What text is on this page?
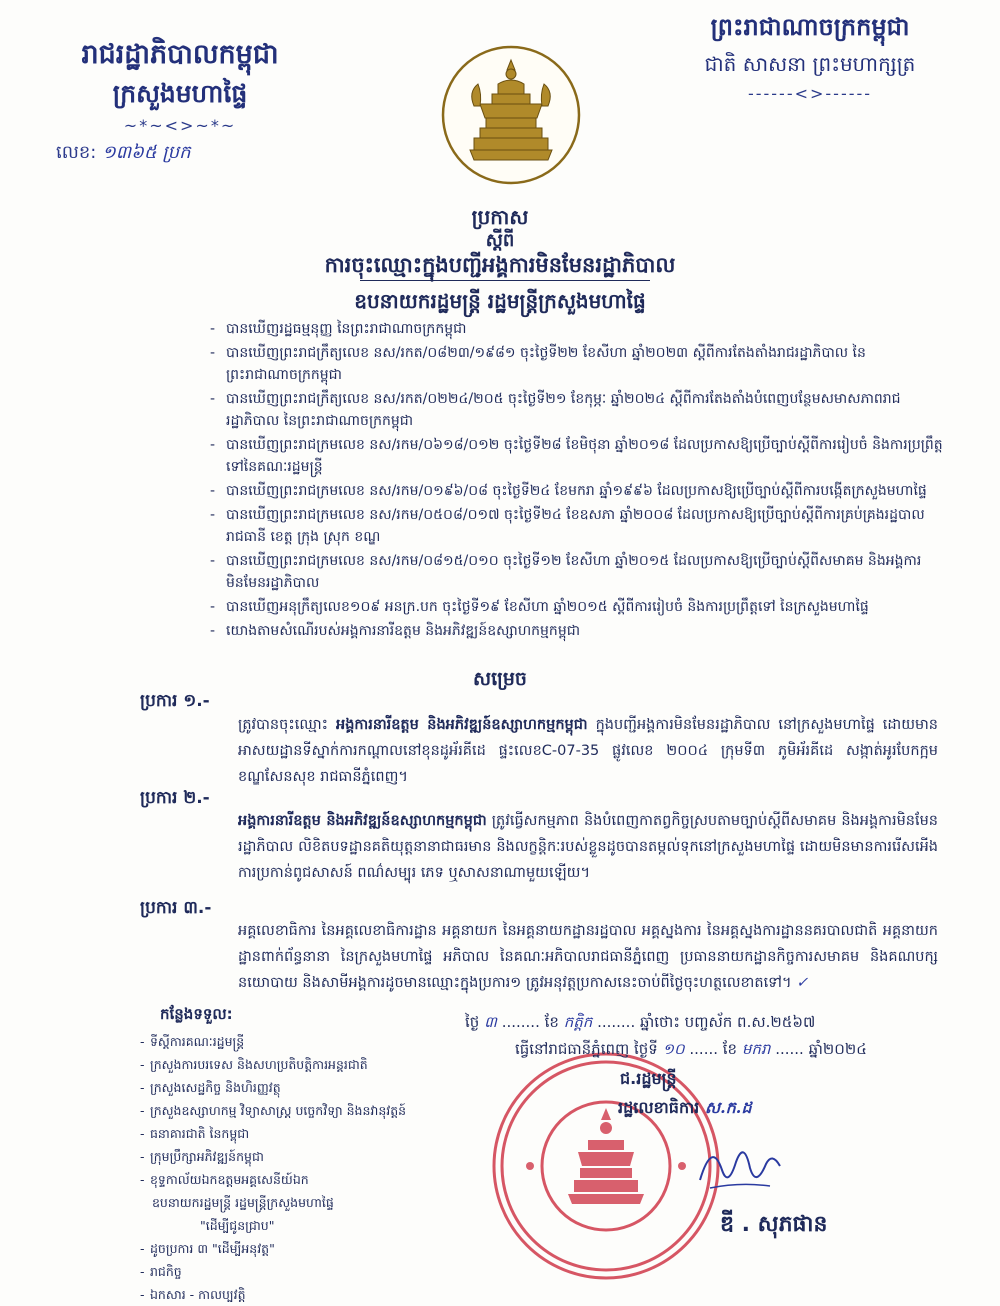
រាជរដ្ឋាភិបាលកម្ពុជា
ក្រសួងមហាផ្ទៃ
~*~<>~*~
លេខ: ១៣៦៥ ប្រក
ព្រះរាជាណាចក្រកម្ពុជា
ជាតិ សាសនា ព្រះមហាក្សត្រ
------<>------
ប្រកាស
ស្តីពី
ការចុះឈ្មោះក្នុងបញ្ជីអង្គការមិនមែនរដ្ឋាភិបាល
ឧបនាយករដ្ឋមន្ត្រី រដ្ឋមន្ត្រីក្រសួងមហាផ្ទៃ
- បានឃើញរដ្ឋធម្មនុញ្ញ នៃព្រះរាជាណាចក្រកម្ពុជា
- បានឃើញព្រះរាជក្រឹត្យលេខ នស/រកត/០៨២៣/១៩៨១ ចុះថ្ងៃទី២២ ខែសីហា ឆ្នាំ២០២៣ ស្តីពីការតែងតាំងរាជរដ្ឋាភិបាល នៃព្រះរាជាណាចក្រកម្ពុជា
- បានឃើញព្រះរាជក្រឹត្យលេខ នស/រកត/០២២៤/២០៥ ចុះថ្ងៃទី២១ ខែកុម្ភៈ ឆ្នាំ២០២៤ ស្តីពីការតែងតាំងបំពេញបន្ថែមសមាសភាពរាជរដ្ឋាភិបាល នៃព្រះរាជាណាចក្រកម្ពុជា
- បានឃើញព្រះរាជក្រមលេខ នស/រកម/០៦១៨/០១២ ចុះថ្ងៃទី២៨ ខែមិថុនា ឆ្នាំ២០១៨ ដែលប្រកាសឱ្យប្រើច្បាប់ស្តីពីការរៀបចំ និងការប្រព្រឹត្តទៅនៃគណៈរដ្ឋមន្ត្រី
- បានឃើញព្រះរាជក្រមលេខ នស/រកម/០១៩៦/០៨ ចុះថ្ងៃទី២៤ ខែមករា ឆ្នាំ១៩៩៦ ដែលប្រកាសឱ្យប្រើច្បាប់ស្តីពីការបង្កើតក្រសួងមហាផ្ទៃ
- បានឃើញព្រះរាជក្រមលេខ នស/រកម/០៥០៨/០១៧ ចុះថ្ងៃទី២៤ ខែឧសភា ឆ្នាំ២០០៨ ដែលប្រកាសឱ្យប្រើច្បាប់ស្តីពីការគ្រប់គ្រងរដ្ឋបាលរាជធានី ខេត្ត ក្រុង ស្រុក ខណ្ឌ
- បានឃើញព្រះរាជក្រមលេខ នស/រកម/០៨១៥/០១០ ចុះថ្ងៃទី១២ ខែសីហា ឆ្នាំ២០១៥ ដែលប្រកាសឱ្យប្រើច្បាប់ស្តីពីសមាគម និងអង្គការមិនមែនរដ្ឋាភិបាល
- បានឃើញអនុក្រឹត្យលេខ១០៩ អនក្រ.បក ចុះថ្ងៃទី១៩ ខែសីហា ឆ្នាំ២០១៥ ស្តីពីការរៀបចំ និងការប្រព្រឹត្តទៅ នៃក្រសួងមហាផ្ទៃ
- យោងតាមសំណើរបស់អង្គការនារីឧត្តម និងអភិវឌ្ឍន៍ឧស្សាហកម្មកម្ពុជា
សម្រេច
ប្រការ ១.-
ត្រូវបានចុះឈ្មោះ អង្គការនារីឧត្តម និងអភិវឌ្ឍន៍ឧស្សាហកម្មកម្ពុជា ក្នុងបញ្ជីអង្គការមិនមែនរដ្ឋាភិបាល នៅក្រសួងមហាផ្ទៃ ដោយមានអាសយដ្ឋានទីស្នាក់ការកណ្តាលនៅខុនដូអ័រគីដេ ផ្ទះលេខC-07-35 ផ្លូវលេខ ២០០៤ ក្រុមទី៣ ភូមិអ័រគីដេ សង្កាត់អូរបែកក្អម ខណ្ឌសែនសុខ រាជធានីភ្នំពេញ។
ប្រការ ២.-
អង្គការនារីឧត្តម និងអភិវឌ្ឍន៍ឧស្សាហកម្មកម្ពុជា ត្រូវធ្វើសកម្មភាព និងបំពេញកាតព្វកិច្ចស្របតាមច្បាប់ស្តីពីសមាគម និងអង្គការមិនមែនរដ្ឋាភិបាល លិខិតបទដ្ឋានគតិយុត្តនានាជាធរមាន និងលក្ខន្តិកៈរបស់ខ្លួនដូចបានតម្កល់ទុកនៅក្រសួងមហាផ្ទៃ ដោយមិនមានការរើសអើង ការប្រកាន់ពូជសាសន៍ ពណ៌សម្បុរ ភេទ ឬសាសនាណាមួយឡើយ។
ប្រការ ៣.-
អគ្គលេខាធិការ នៃអគ្គលេខាធិការដ្ឋាន អគ្គនាយក នៃអគ្គនាយកដ្ឋានរដ្ឋបាល អគ្គស្នងការ នៃអគ្គស្នងការដ្ឋាននគរបាលជាតិ អគ្គនាយកដ្ឋានពាក់ព័ន្ធនានា នៃក្រសួងមហាផ្ទៃ អភិបាល នៃគណៈអភិបាលរាជធានីភ្នំពេញ ប្រធាននាយកដ្ឋានកិច្ចការសមាគម និងគណបក្សនយោបាយ និងសាមីអង្គការដូចមានឈ្មោះក្នុងប្រការ១ ត្រូវអនុវត្តប្រកាសនេះចាប់ពីថ្ងៃចុះហត្ថលេខាតទៅ។ ✓
កន្លែងទទួល:
- ទីស្តីការគណៈរដ្ឋមន្ត្រី
- ក្រសួងការបរទេស និងសហប្រតិបត្តិការអន្តរជាតិ
- ក្រសួងសេដ្ឋកិច្ច និងហិរញ្ញវត្ថុ
- ក្រសួងឧស្សាហកម្ម វិទ្យាសាស្ត្រ បច្ចេកវិទ្យា និងនវានុវត្តន៍
- ធនាគារជាតិ នៃកម្ពុជា
- ក្រុមប្រឹក្សាអភិវឌ្ឍន៍កម្ពុជា
- ខុទ្ទកាល័យឯកឧត្តមអគ្គសេនីយ៍ឯក
ឧបនាយករដ្ឋមន្ត្រី រដ្ឋមន្ត្រីក្រសួងមហាផ្ទៃ
"ដើម្បីជូនជ្រាប"
- ដូចប្រការ ៣ "ដើម្បីអនុវត្ត"
- រាជកិច្ច
- ឯកសារ - កាលប្បវត្តិ
ថ្ងៃ ៣ ........ ខែ កត្តិក ........ ឆ្នាំថោះ បញ្ចស័ក ព.ស.២៥៦៧
ធ្វើនៅរាជធានីភ្នំពេញ ថ្ងៃទី ១០ ...... ខែ មករា ...... ឆ្នាំ២០២៤
ជ.រដ្ឋមន្ត្រី
រដ្ឋលេខាធិការ ស.ក.ដ
ឌី . សុភផាន
